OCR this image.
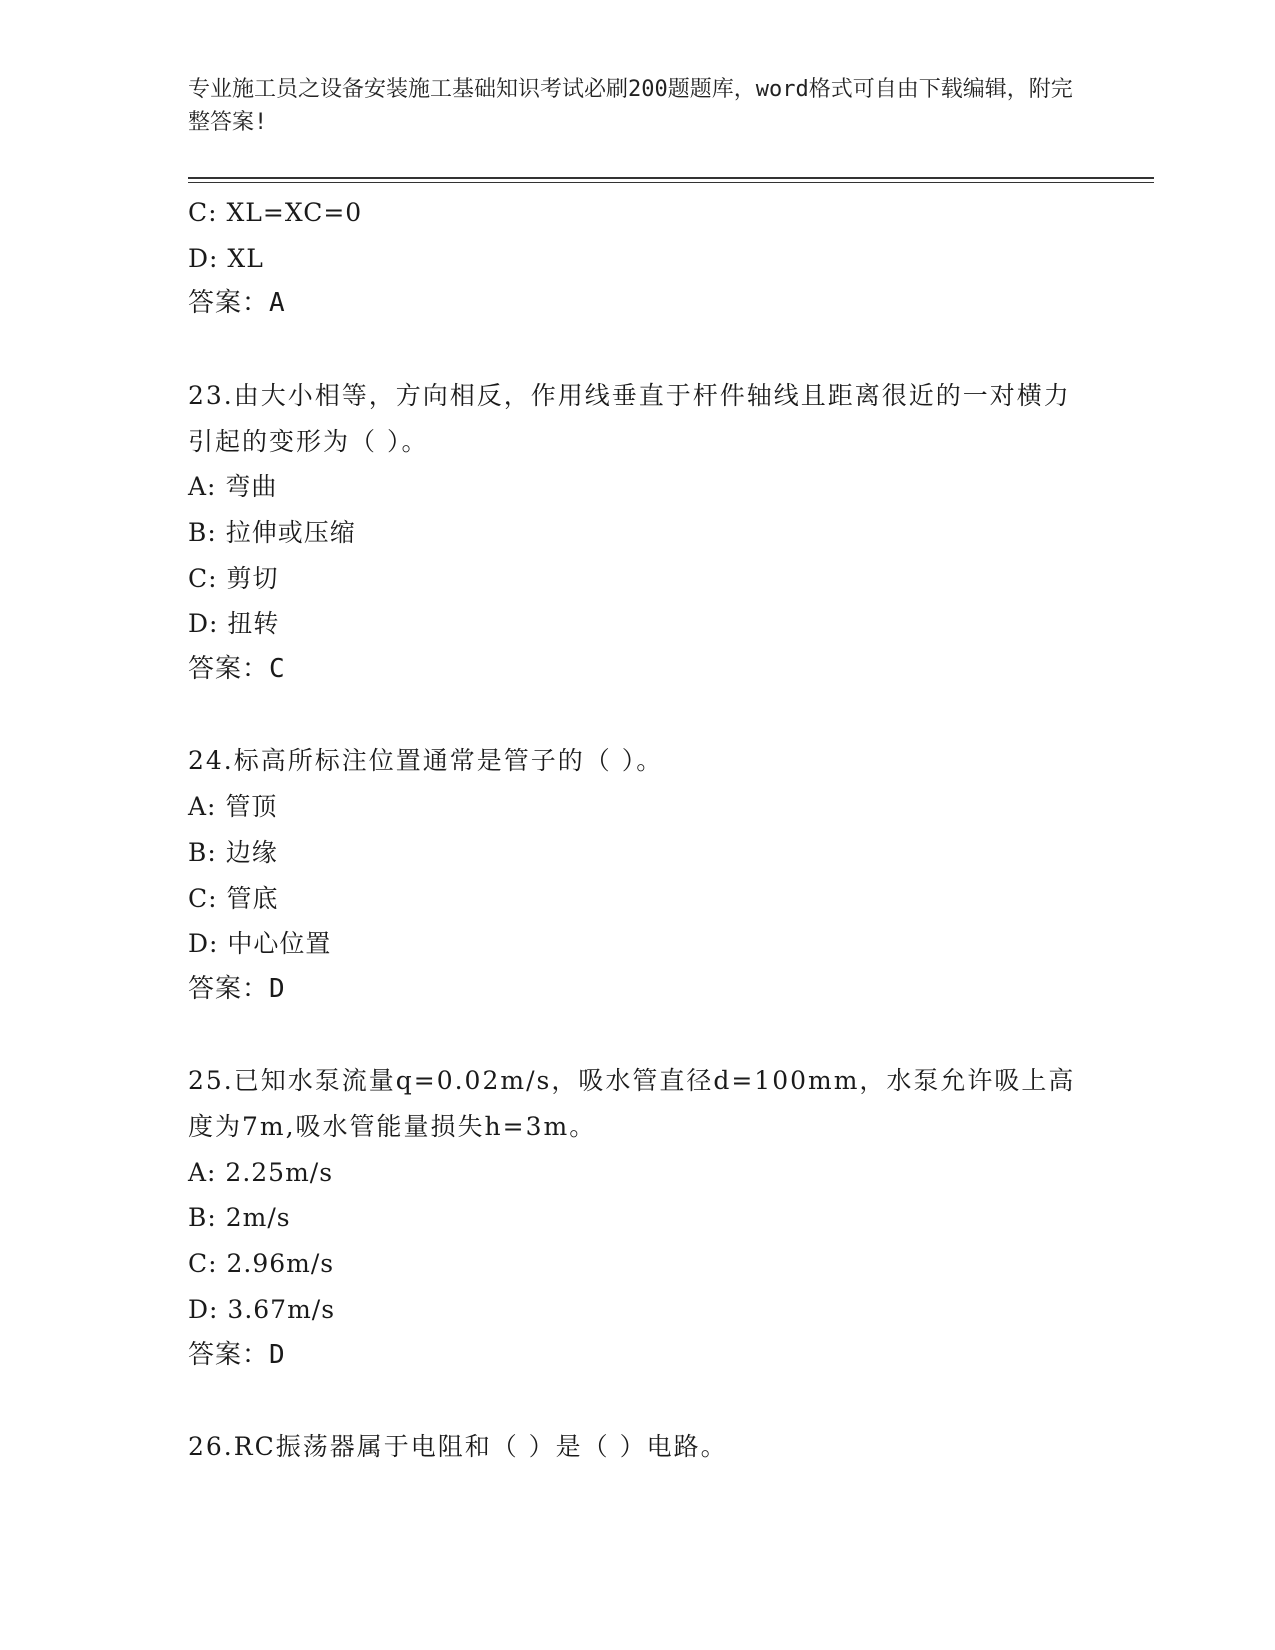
专业施工员之设备安装施工基础知识考试必刷200题题库，word格式可自由下载编辑，附完整答案!
C: XL=XC=0
D: XL
答案：A
23.由大小相等，方向相反，作用线垂直于杆件轴线且距离很近的一对横力引起的变形为（ ）。
A: 弯曲
B: 拉伸或压缩
C: 剪切
D: 扭转
答案：C
24.标高所标注位置通常是管子的（ ）。
A: 管顶
B: 边缘
C: 管底
D: 中心位置
答案：D
25.已知水泵流量q=0.02m/s，吸水管直径d=100mm，水泵允许吸上高度为7m,吸水管能量损失h=3m。
A: 2.25m/s
B: 2m/s
C: 2.96m/s
D: 3.67m/s
答案：D
26.RC振荡器属于电阻和（ ）是（ ）电路。
